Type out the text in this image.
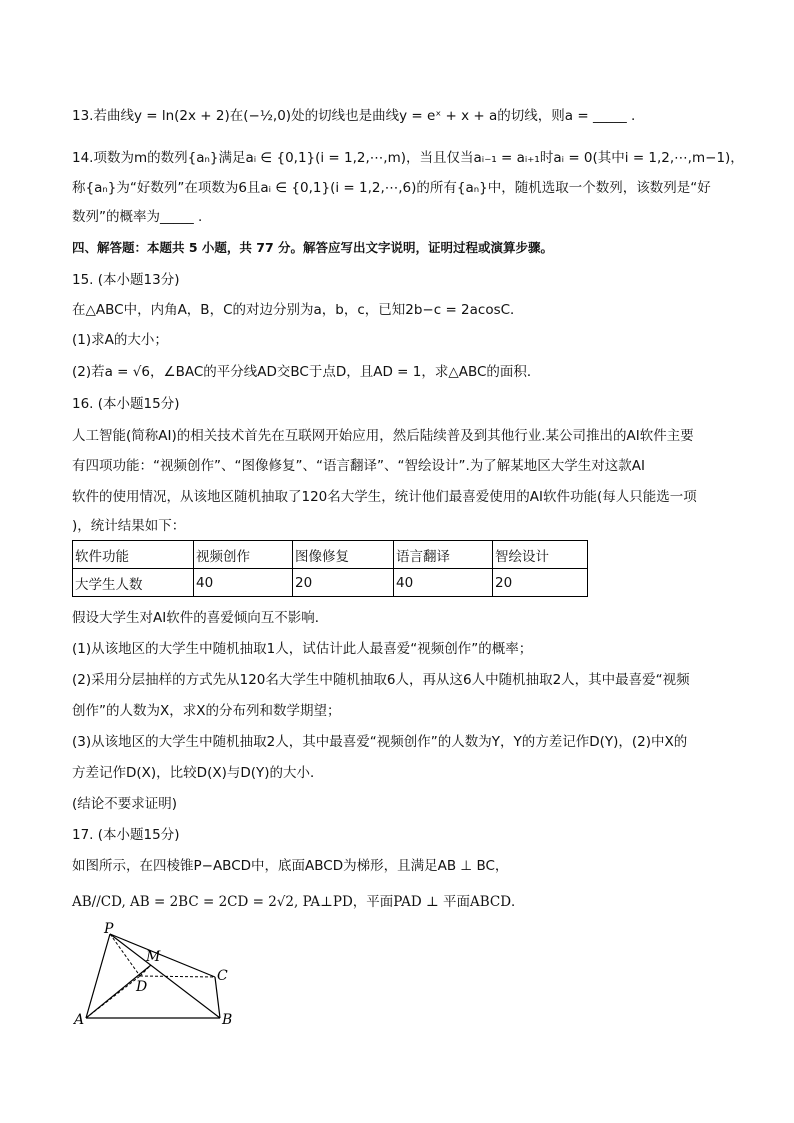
13.若曲线y = ln(2x + 2)在(−½,0)处的切线也是曲线y = eˣ + x + a的切线，则a = _____ .
14.项数为m的数列{aₙ}满足aᵢ ∈ {0,1}(i = 1,2,⋯,m)，当且仅当aᵢ₋₁ = aᵢ₊₁时aᵢ = 0(其中i = 1,2,⋯,m−1)，
称{aₙ}为“好数列”在项数为6且aᵢ ∈ {0,1}(i = 1,2,⋯,6)的所有{aₙ}中，随机选取一个数列，该数列是“好
数列”的概率为_____ .
四、解答题：本题共 5 小题，共 77 分。解答应写出文字说明，证明过程或演算步骤。
15. (本小题13分)
在△ABC中，内角A，B，C的对边分别为a，b，c，已知2b−c = 2acosC．
(1)求A的大小；
(2)若a = √6，∠BAC的平分线AD交BC于点D，且AD = 1，求△ABC的面积．
16. (本小题15分)
人工智能(简称AI)的相关技术首先在互联网开始应用，然后陆续普及到其他行业.某公司推出的AI软件主要
有四项功能：“视频创作”、“图像修复”、“语言翻译”、“智绘设计”.为了解某地区大学生对这款AI
软件的使用情况，从该地区随机抽取了120名大学生，统计他们最喜爱使用的AI软件功能(每人只能选一项
)，统计结果如下：
软件功能	视频创作	图像修复	语言翻译	智绘设计
大学生人数	40	20	40	20
假设大学生对AI软件的喜爱倾向互不影响．
(1)从该地区的大学生中随机抽取1人，试估计此人最喜爱“视频创作”的概率；
(2)采用分层抽样的方式先从120名大学生中随机抽取6人，再从这6人中随机抽取2人，其中最喜爱“视频
创作”的人数为X，求X的分布列和数学期望；
(3)从该地区的大学生中随机抽取2人，其中最喜爱“视频创作”的人数为Y，Y的方差记作D(Y)，(2)中X的
方差记作D(X)，比较D(X)与D(Y)的大小．
(结论不要求证明)
17. (本小题15分)
如图所示，在四棱锥P−ABCD中，底面ABCD为梯形，且满足AB ⊥ BC，
AB//CD, AB = 2BC = 2CD = 2√2, PA⊥PD，平面PAD ⊥ 平面ABCD．
P
M
C
D
A	B
